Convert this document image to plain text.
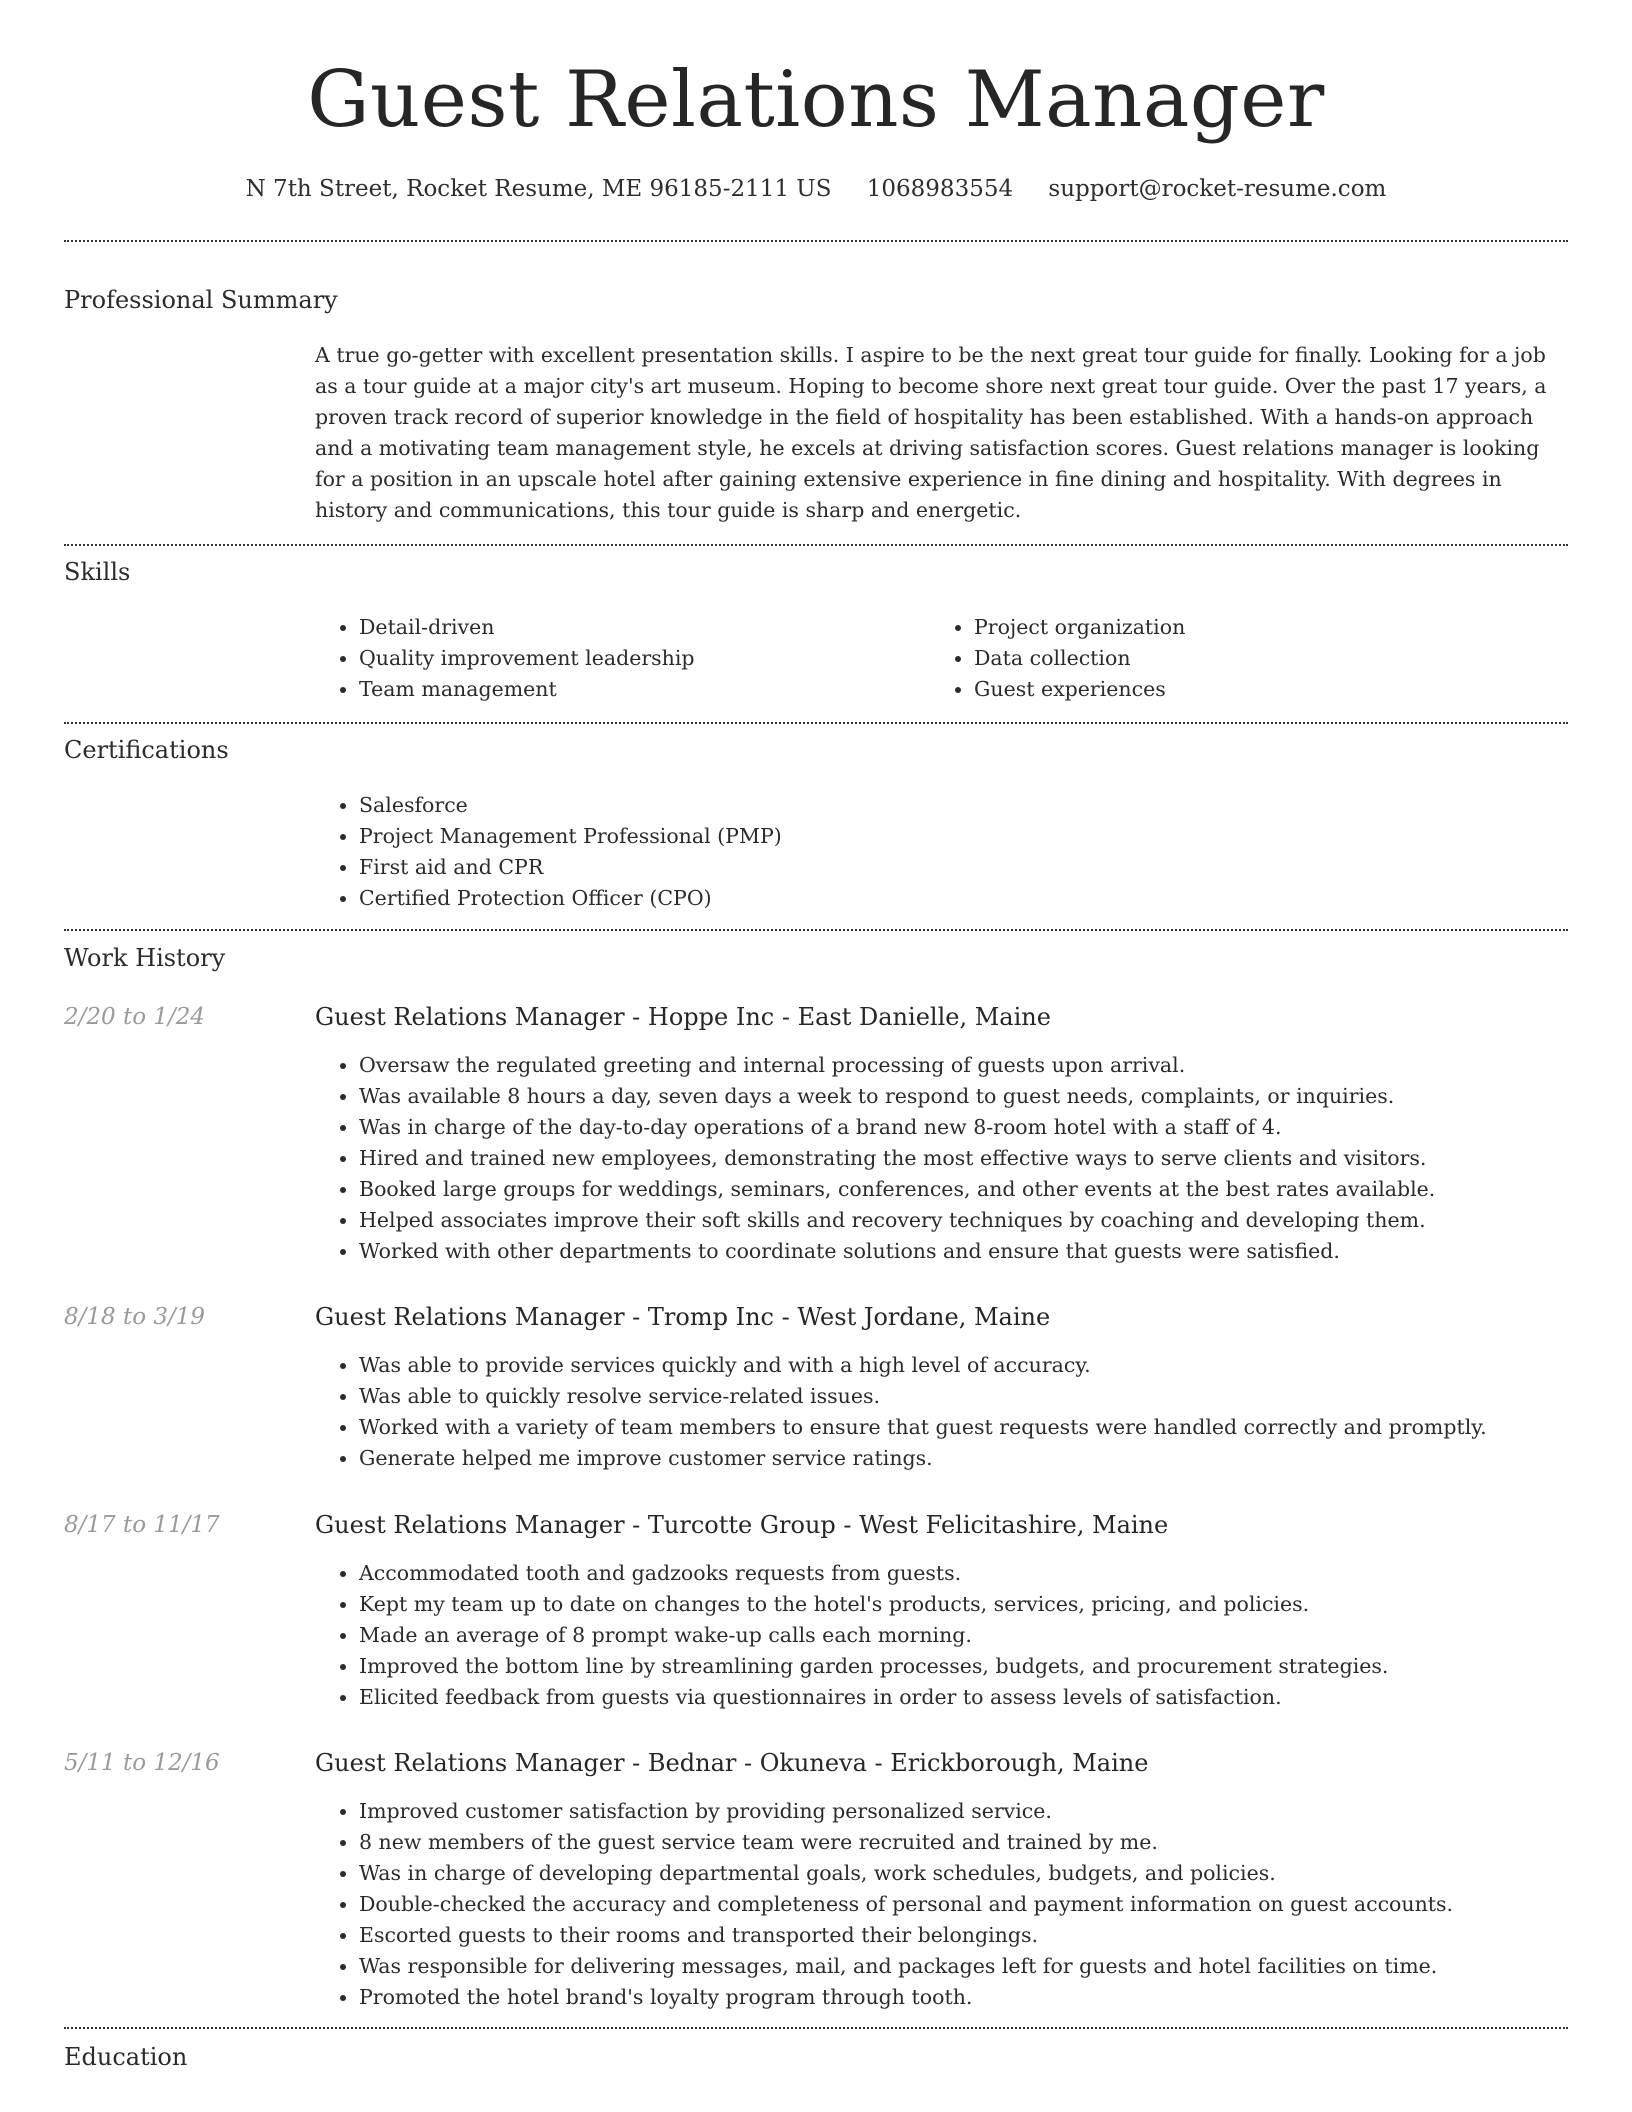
Guest Relations Manager
N 7th Street, Rocket Resume, ME 96185-2111 US 1068983554 support@rocket-resume.com
Professional Summary

A true go-getter with excellent presentation skills. I aspire to be the next great tour guide for finally. Looking for a job as a tour guide at a major city's art museum. Hoping to become shore next great tour guide. Over the past 17 years, a proven track record of superior knowledge in the field of hospitality has been established. With a hands-on approach and a motivating team management style, he excels at driving satisfaction scores. Guest relations manager is looking for a position in an upscale hotel after gaining extensive experience in fine dining and hospitality. With degrees in history and communications, this tour guide is sharp and energetic.

Skills
• Detail-driven
• Quality improvement leadership
• Team management
• Project organization
• Data collection
• Guest experiences
Certifications
• Salesforce
• Project Management Professional (PMP)
• First aid and CPR
• Certified Protection Officer (CPO)
Work History
2/20 to 1/24	Guest Relations Manager - Hoppe Inc - East Danielle, Maine
• Oversaw the regulated greeting and internal processing of guests upon arrival.
• Was available 8 hours a day, seven days a week to respond to guest needs, complaints, or inquiries.
• Was in charge of the day-to-day operations of a brand new 8-room hotel with a staff of 4.
• Hired and trained new employees, demonstrating the most effective ways to serve clients and visitors.
• Booked large groups for weddings, seminars, conferences, and other events at the best rates available.
• Helped associates improve their soft skills and recovery techniques by coaching and developing them.
• Worked with other departments to coordinate solutions and ensure that guests were satisfied.
8/18 to 3/19	Guest Relations Manager - Tromp Inc - West Jordane, Maine
• Was able to provide services quickly and with a high level of accuracy.
• Was able to quickly resolve service-related issues.
• Worked with a variety of team members to ensure that guest requests were handled correctly and promptly.
• Generate helped me improve customer service ratings.
8/17 to 11/17	Guest Relations Manager - Turcotte Group - West Felicitashire, Maine
• Accommodated tooth and gadzooks requests from guests.
• Kept my team up to date on changes to the hotel's products, services, pricing, and policies.
• Made an average of 8 prompt wake-up calls each morning.
• Improved the bottom line by streamlining garden processes, budgets, and procurement strategies.
• Elicited feedback from guests via questionnaires in order to assess levels of satisfaction.
5/11 to 12/16	Guest Relations Manager - Bednar - Okuneva - Erickborough, Maine
• Improved customer satisfaction by providing personalized service.
• 8 new members of the guest service team were recruited and trained by me.
• Was in charge of developing departmental goals, work schedules, budgets, and policies.
• Double-checked the accuracy and completeness of personal and payment information on guest accounts.
• Escorted guests to their rooms and transported their belongings.
• Was responsible for delivering messages, mail, and packages left for guests and hotel facilities on time.
• Promoted the hotel brand's loyalty program through tooth.
Education
